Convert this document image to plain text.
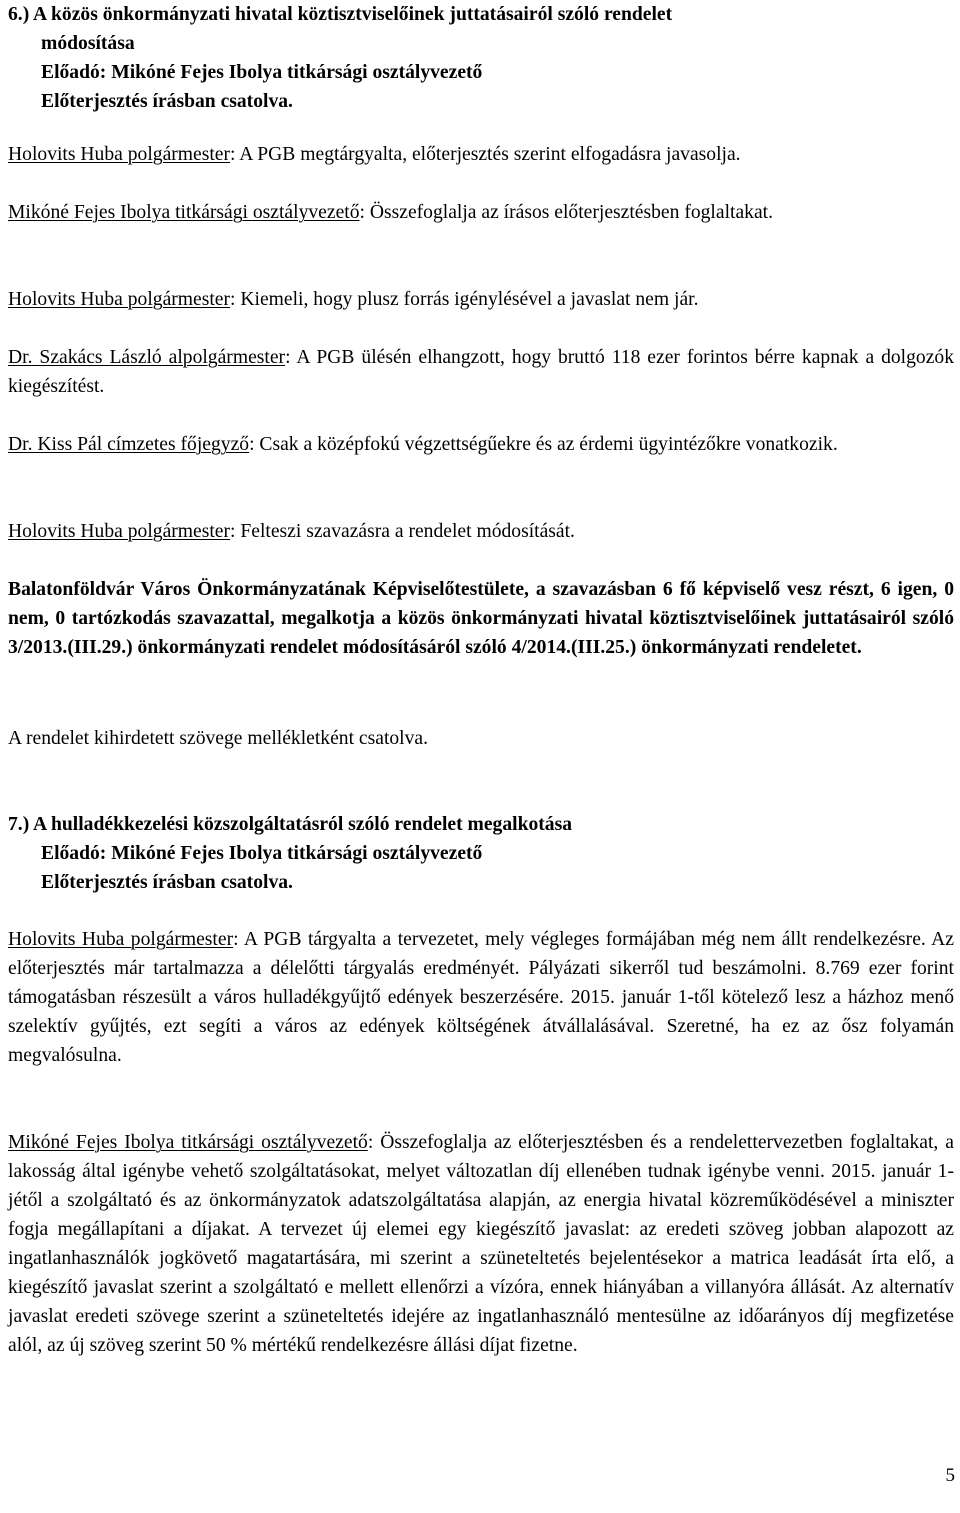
6.) A közös önkormányzati hivatal köztisztviselőinek juttatásairól szóló rendelet

módosítása

Előadó: Mikóné Fejes Ibolya titkársági osztályvezető

Előterjesztés írásban csatolva.

Holovits Huba polgármester: A PGB megtárgyalta, előterjesztés szerint elfogadásra javasolja.

Mikóné Fejes Ibolya titkársági osztályvezető: Összefoglalja az írásos előterjesztésben foglaltakat.

Holovits Huba polgármester: Kiemeli, hogy plusz forrás igénylésével a javaslat nem jár.

Dr. Szakács László alpolgármester: A PGB ülésén elhangzott, hogy bruttó 118 ezer forintos bérre kapnak a dolgozók kiegészítést.

Dr. Kiss Pál címzetes főjegyző: Csak a középfokú végzettségűekre és az érdemi ügyintézőkre vonatkozik.

Holovits Huba polgármester: Felteszi szavazásra a rendelet módosítását.

Balatonföldvár Város Önkormányzatának Képviselőtestülete, a szavazásban 6 fő képviselő vesz részt, 6 igen, 0 nem, 0 tartózkodás szavazattal, megalkotja a közös önkormányzati hivatal köztisztviselőinek juttatásairól szóló 3/2013.(III.29.) önkormányzati rendelet módosításáról szóló 4/2014.(III.25.) önkormányzati rendeletet.

A rendelet kihirdetett szövege mellékletként csatolva.

7.) A hulladékkezelési közszolgáltatásról szóló rendelet megalkotása

Előadó: Mikóné Fejes Ibolya titkársági osztályvezető

Előterjesztés írásban csatolva.

Holovits Huba polgármester: A PGB tárgyalta a tervezetet, mely végleges formájában még nem állt rendelkezésre. Az előterjesztés már tartalmazza a délelőtti tárgyalás eredményét. Pályázati sikerről tud beszámolni. 8.769 ezer forint támogatásban részesült a város hulladékgyűjtő edények beszerzésére. 2015. január 1-től kötelező lesz a házhoz menő szelektív gyűjtés, ezt segíti a város az edények költségének átvállalásával. Szeretné, ha ez az ősz folyamán megvalósulna.

Mikóné Fejes Ibolya titkársági osztályvezető: Összefoglalja az előterjesztésben és a rendelettervezetben foglaltakat, a lakosság által igénybe vehető szolgáltatásokat, melyet változatlan díj ellenében tudnak igénybe venni. 2015. január 1-jétől a szolgáltató és az önkormányzatok adatszolgáltatása alapján, az energia hivatal közreműködésével a miniszter fogja megállapítani a díjakat. A tervezet új elemei egy kiegészítő javaslat: az eredeti szöveg jobban alapozott az ingatlanhasználók jogkövető magatartására, mi szerint a szüneteltetés bejelentésekor a matrica leadását írta elő, a kiegészítő javaslat szerint a szolgáltató e mellett ellenőrzi a vízóra, ennek hiányában a villanyóra állását. Az alternatív javaslat eredeti szövege szerint a szüneteltetés idejére az ingatlanhasználó mentesülne az időarányos díj megfizetése alól, az új szöveg szerint 50 % mértékű rendelkezésre állási díjat fizetne.

5
